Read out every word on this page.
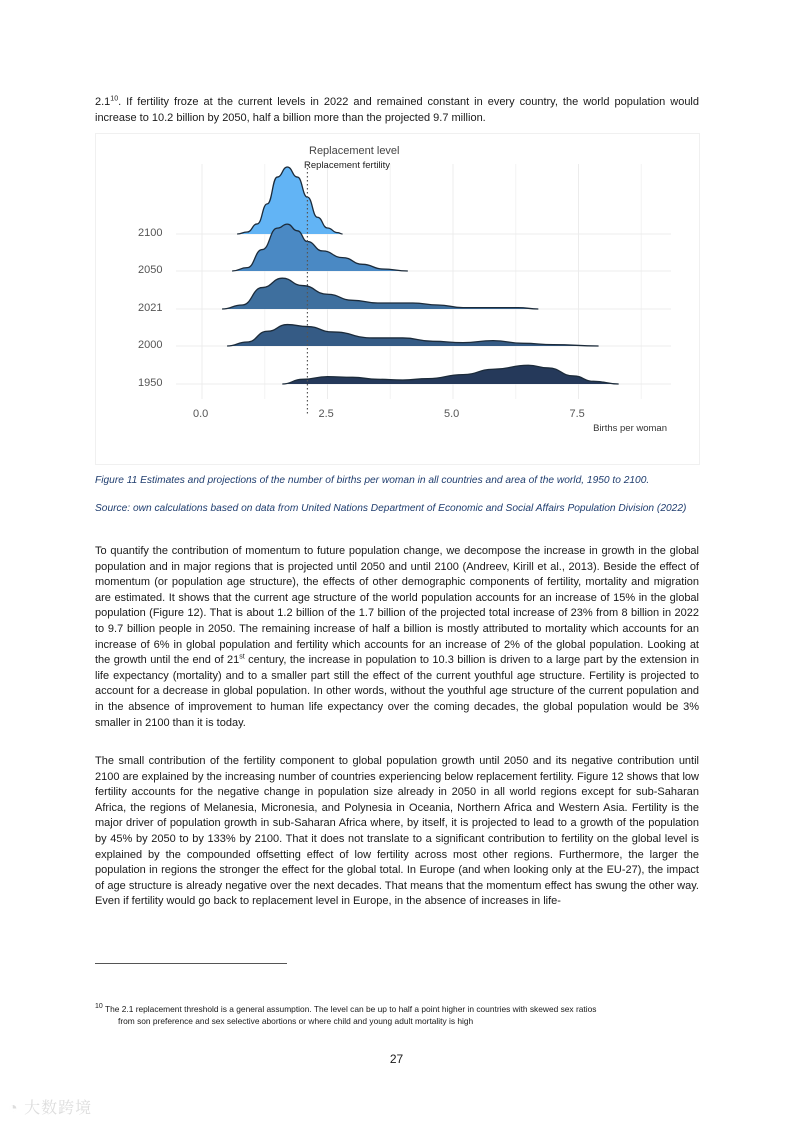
$2.1^{10}$. If fertility froze at the current levels in 2022 and remained constant in every country, the world population would increase to 10.2 billion by 2050, half a billion more than the projected 9.7 million.
Replacement level
Replacement fertility
Births per woman
2100
2050
2021
2000
1950
0.0	2.5	5.0	7.5
Figure 11 Estimates and projections of the number of births per woman in all countries and area of the world, 1950 to 2100.
Source: own calculations based on data from United Nations Department of Economic and Social Affairs Population Division (2022)
To quantify the contribution of momentum to future population change, we decompose the increase in growth in the global population and in major regions that is projected until 2050 and until 2100 (Andreev, Kirill et al., 2013). Beside the effect of momentum (or population age structure), the effects of other demographic components of fertility, mortality and migration are estimated. It shows that the current age structure of the world population accounts for an increase of 15% in the global population (Figure 12). That is about 1.2 billion of the 1.7 billion of the projected total increase of 23% from 8 billion in 2022 to 9.7 billion people in 2050. The remaining increase of half a billion is mostly attributed to mortality which accounts for an increase of 6% in global population and fertility which accounts for an increase of 2% of the global population. Looking at the growth until the end of 21st century, the increase in population to 10.3 billion is driven to a large part by the extension in life expectancy (mortality) and to a smaller part still the effect of the current youthful age structure. Fertility is projected to account for a decrease in global population. In other words, without the youthful age structure of the current population and in the absence of improvement to human life expectancy over the coming decades, the global population would be 3% smaller in 2100 than it is today.
The small contribution of the fertility component to global population growth until 2050 and its negative contribution until 2100 are explained by the increasing number of countries experiencing below replacement fertility. Figure 12 shows that low fertility accounts for the negative change in population size already in 2050 in all world regions except for sub-Saharan Africa, the regions of Melanesia, Micronesia, and Polynesia in Oceania, Northern Africa and Western Asia. Fertility is the major driver of population growth in sub-Saharan Africa where, by itself, it is projected to lead to a growth of the population by 45% by 2050 to by 133% by 2100. That it does not translate to a significant contribution to fertility on the global level is explained by the compounded offsetting effect of low fertility across most other regions. Furthermore, the larger the population in regions the stronger the effect for the global total. In Europe (and when looking only at the EU-27), the impact of age structure is already negative over the next decades. That means that the momentum effect has swung the other way. Even if fertility would go back to replacement level in Europe, in the absence of increases in life-
$^{10}$ The 2.1 replacement threshold is a general assumption. The level can be up to half a point higher in countries with skewed sex ratios
from son preference and sex selective abortions or where child and young adult mortality is high
27
◔ 大数跨境
